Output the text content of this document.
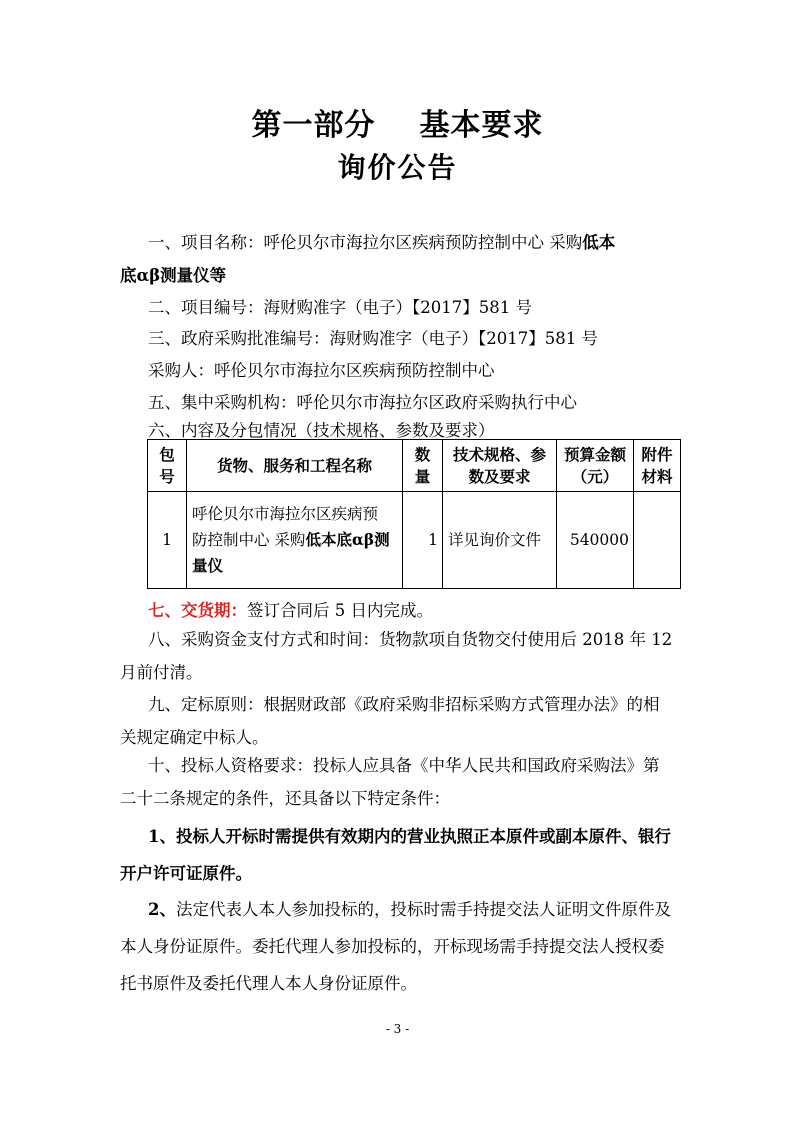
第一部分 基本要求
询价公告
一、项目名称：呼伦贝尔市海拉尔区疾病预防控制中心 采购低本
底αβ测量仪等
二、项目编号：海财购准字（电子）【2017】581 号
三、政府采购批准编号：海财购准字（电子）【2017】581 号
采购人：呼伦贝尔市海拉尔区疾病预防控制中心
五、集中采购机构：呼伦贝尔市海拉尔区政府采购执行中心
六、内容及分包情况（技术规格、参数及要求）
包号	货物、服务和工程名称	数量	技术规格、参数及要求	预算金额（元）	附件材料

1	呼伦贝尔市海拉尔区疾病预防控制中心 采购低本底αβ测量仪	1	详见询价文件	540000	
七、交货期：签订合同后 5 日内完成。
八、采购资金支付方式和时间：货物款项自货物交付使用后 2018 年 12 月前付清。
九、定标原则：根据财政部《政府采购非招标采购方式管理办法》的相关规定确定中标人。
十、投标人资格要求：投标人应具备《中华人民共和国政府采购法》第二十二条规定的条件，还具备以下特定条件：
1、投标人开标时需提供有效期内的营业执照正本原件或副本原件、银行开户许可证原件。
2、法定代表人本人参加投标的，投标时需手持提交法人证明文件原件及本人身份证原件。委托代理人参加投标的，开标现场需手持提交法人授权委托书原件及委托代理人本人身份证原件。
- 3 -
